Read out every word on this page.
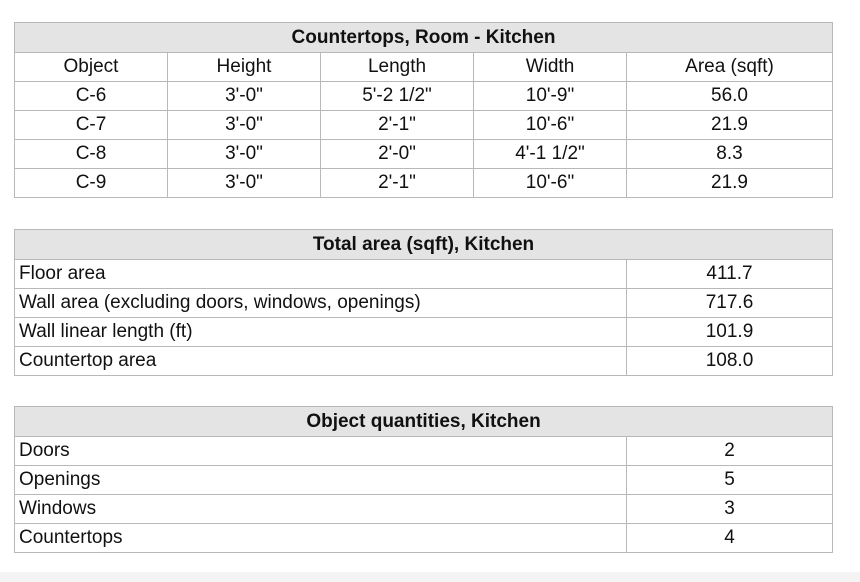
Countertops, Room - Kitchen				
Object	Height	Length	Width	Area (sqft)
C-6	3'-0"	5'-2 1/2"	10'-9"	56.0
C-7	3'-0"	2'-1"	10'-6"	21.9
C-8	3'-0"	2'-0"	4'-1 1/2"	8.3
C-9	3'-0"	2'-1"	10'-6"	21.9
Total area (sqft), Kitchen	
Floor area	411.7
Wall area (excluding doors, windows, openings)	717.6
Wall linear length (ft)	101.9
Countertop area	108.0
Object quantities, Kitchen	
Doors	2
Openings	5
Windows	3
Countertops	4
